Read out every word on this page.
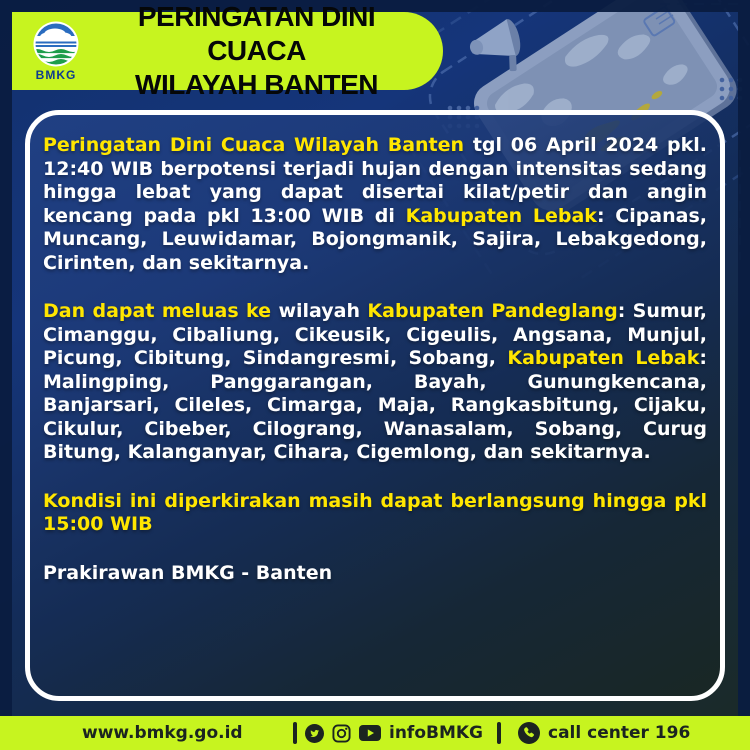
BMKG
PERINGATAN DINI CUACA
WILAYAH BANTEN

Peringatan Dini Cuaca Wilayah Banten tgl 06 April 2024 pkl. 12:40 WIB berpotensi terjadi hujan dengan intensitas sedang hingga lebat yang dapat disertai kilat/petir dan angin kencang pada pkl 13:00 WIB di Kabupaten Lebak: Cipanas, Muncang, Leuwidamar, Bojongmanik, Sajira, Lebakgedong, Cirinten, dan sekitarnya.

Dan dapat meluas ke wilayah Kabupaten Pandeglang: Sumur, Cimanggu, Cibaliung, Cikeusik, Cigeulis, Angsana, Munjul, Picung, Cibitung, Sindangresmi, Sobang, Kabupaten Lebak: Malingping, Panggarangan, Bayah, Gunungkencana, Banjarsari, Cileles, Cimarga, Maja, Rangkasbitung, Cijaku, Cikulur, Cibeber, Cilograng, Wanasalam, Sobang, Curug Bitung, Kalanganyar, Cihara, Cigemlong, dan sekitarnya.

Kondisi ini diperkirakan masih dapat berlangsung hingga pkl 15:00 WIB

Prakirawan BMKG - Banten

www.bmkg.go.id	infoBMKG	call center 196
